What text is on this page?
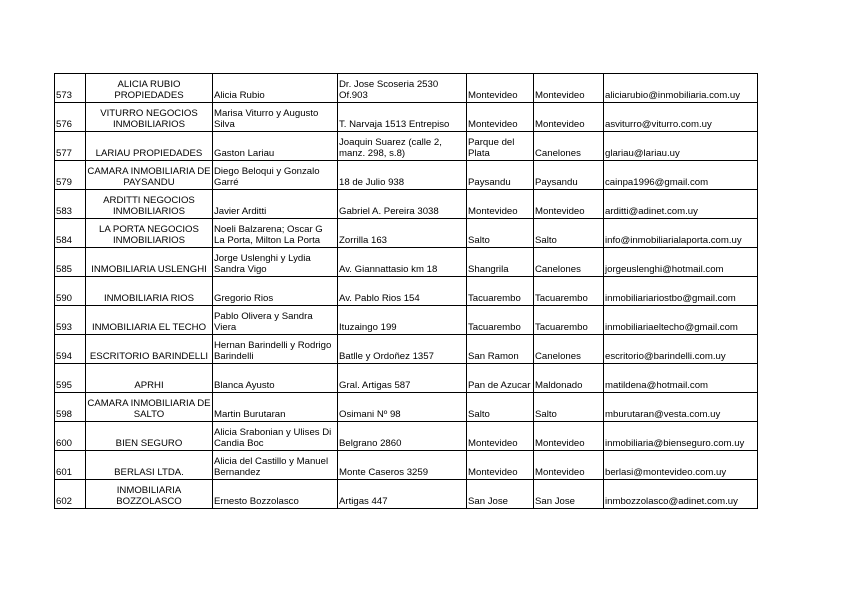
573	ALICIA RUBIO PROPIEDADES	Alicia Rubio	Dr. Jose Scoseria 2530 Of.903	Montevideo	Montevideo	aliciarubio@inmobiliaria.com.uy

576	VITURRO NEGOCIOS INMOBILIARIOS	Marisa Viturro y Augusto Silva	T. Narvaja 1513 Entrepiso	Montevideo	Montevideo	asviturro@viturro.com.uy

577	LARIAU PROPIEDADES	Gaston Lariau	Joaquin Suarez (calle 2, manz. 298, s.8)	Parque del Plata	Canelones	glariau@lariau.uy

579	CAMARA INMOBILIARIA DE PAYSANDU	Diego Beloqui y Gonzalo Garré	18 de Julio 938	Paysandu	Paysandu	cainpa1996@gmail.com

583	ARDITTI NEGOCIOS INMOBILIARIOS	Javier Arditti	Gabriel A. Pereira 3038	Montevideo	Montevideo	arditti@adinet.com.uy

584	LA PORTA NEGOCIOS INMOBILIARIOS	Noeli Balzarena; Oscar G La Porta, Milton La Porta	Zorrilla 163	Salto	Salto	info@inmobiliarialaporta.com.uy

585	INMOBILIARIA USLENGHI	Jorge Uslenghi y Lydia Sandra Vigo	Av. Giannattasio km 18	Shangrila	Canelones	jorgeuslenghi@hotmail.com

590	INMOBILIARIA RIOS	Gregorio Rios	Av. Pablo Rios 154	Tacuarembo	Tacuarembo	inmobiliariariostbo@gmail.com

593	INMOBILIARIA EL TECHO	Pablo Olivera y Sandra Viera	Ituzaingo 199	Tacuarembo	Tacuarembo	inmobiliariaeltecho@gmail.com

594	ESCRITORIO BARINDELLI	Hernan Barindelli y Rodrigo Barindelli	Batlle y Ordoñez 1357	San Ramon	Canelones	escritorio@barindelli.com.uy

595	APRHI	Blanca Ayusto	Gral. Artigas 587	Pan de Azucar	Maldonado	matildena@hotmail.com

598	CAMARA INMOBILIARIA DE SALTO	Martin Burutaran	Osimani Nº 98	Salto	Salto	mburutaran@vesta.com.uy

600	BIEN SEGURO	Alicia Srabonian y Ulises Di Candia Boc	Belgrano 2860	Montevideo	Montevideo	inmobiliaria@bienseguro.com.uy

601	BERLASI LTDA.	Alicia del Castillo y Manuel Bernandez	Monte Caseros 3259	Montevideo	Montevideo	berlasi@montevideo.com.uy

602	INMOBILIARIA BOZZOLASCO	Ernesto Bozzolasco	Artigas 447	San Jose	San Jose	inmbozzolasco@adinet.com.uy
